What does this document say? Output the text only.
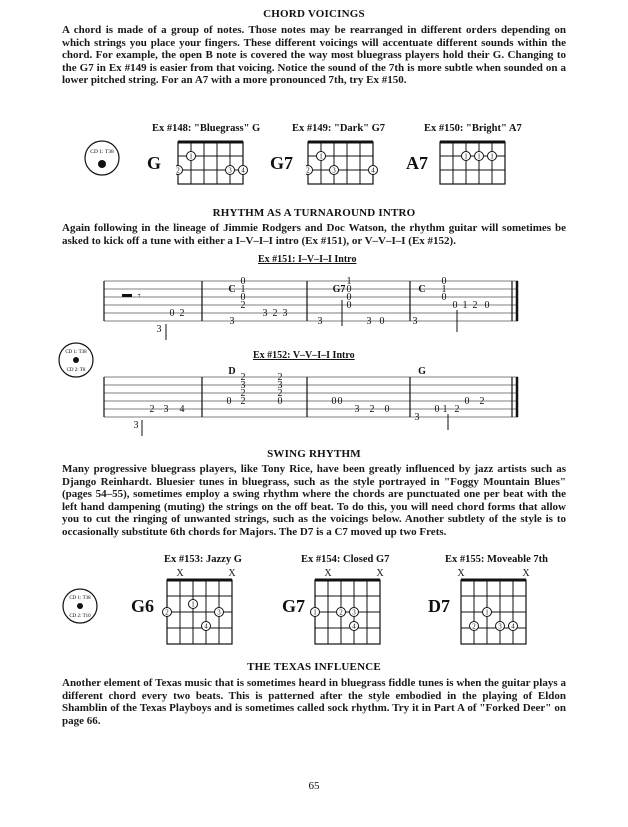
CHORD VOICINGS
A chord is made of a group of notes. Those notes may be rearranged in different orders depending on which strings you place your fingers. These different voicings will accentuate different sounds within the chord. For example, the open B note is covered the way most bluegrass players hold their G. Changing to the G7 in Ex #149 is easier from that voicing. Notice the sound of the 7th is more subtle when sounded on a lower pitched string. For an A7 with a more pronounced 7th, try Ex #150.
Ex #148: "Bluegrass" G	Ex #149: "Dark" G7	Ex #150: "Bright" A7
CD 1: T38
G	G7	A7
1
2	3 4
1
2	3	4
1 1 1
RHYTHM AS A TURNAROUND INTRO
Again following in the lineage of Jimmie Rodgers and Doc Watson, the rhythm guitar will sometimes be asked to kick off a tune with either a I–V–I–I intro (Ex #151), or V–V–I–I (Ex #152).
Ex #151: I–V–I–I Intro
𝄾
C	G7	C
3
0 2
3
0
1
0
2
3 2 3
3
1
0
0
0
3 0	3
0
1
0
0 1 2 0
CD 1: T38
CD 2: T8
Ex #152: V–V–I–I Intro
D	G
3
2 3 4
0
2
3
2
2
2
3
2
0	0 0
3 2 0
3
0 1 2
0 2
SWING RHYTHM
Many progressive bluegrass players, like Tony Rice, have been greatly influenced by jazz artists such as Django Reinhardt. Bluesier tunes in bluegrass, such as the style portrayed in "Foggy Mountain Blues" (pages 54–55), sometimes employ a swing rhythm where the chords are punctuated one per beat with the left hand dampening (muting) the strings on the off beat. To do this, you will need chord forms that allow you to cut the ringing of unwanted strings, such as the voicings below. Another subtlety of the style is to occasionally substitute 6th chords for Majors. The D7 is a C7 moved up two Frets.
Ex #153: Jazzy G	Ex #154: Closed G7	Ex #155: Moveable 7th
CD 1: T38
CD 2: T10
G6	G7	D7
X	X
1
2	3
4
X	X
1	2 3
4
X	X
1
2	3 4
THE TEXAS INFLUENCE
Another element of Texas music that is sometimes heard in bluegrass fiddle tunes is when the guitar plays a different chord every two beats. This is patterned after the style embodied in the playing of Eldon Shamblin of the Texas Playboys and is sometimes called sock rhythm. Try it in Part A of "Forked Deer" on page 66.
65
